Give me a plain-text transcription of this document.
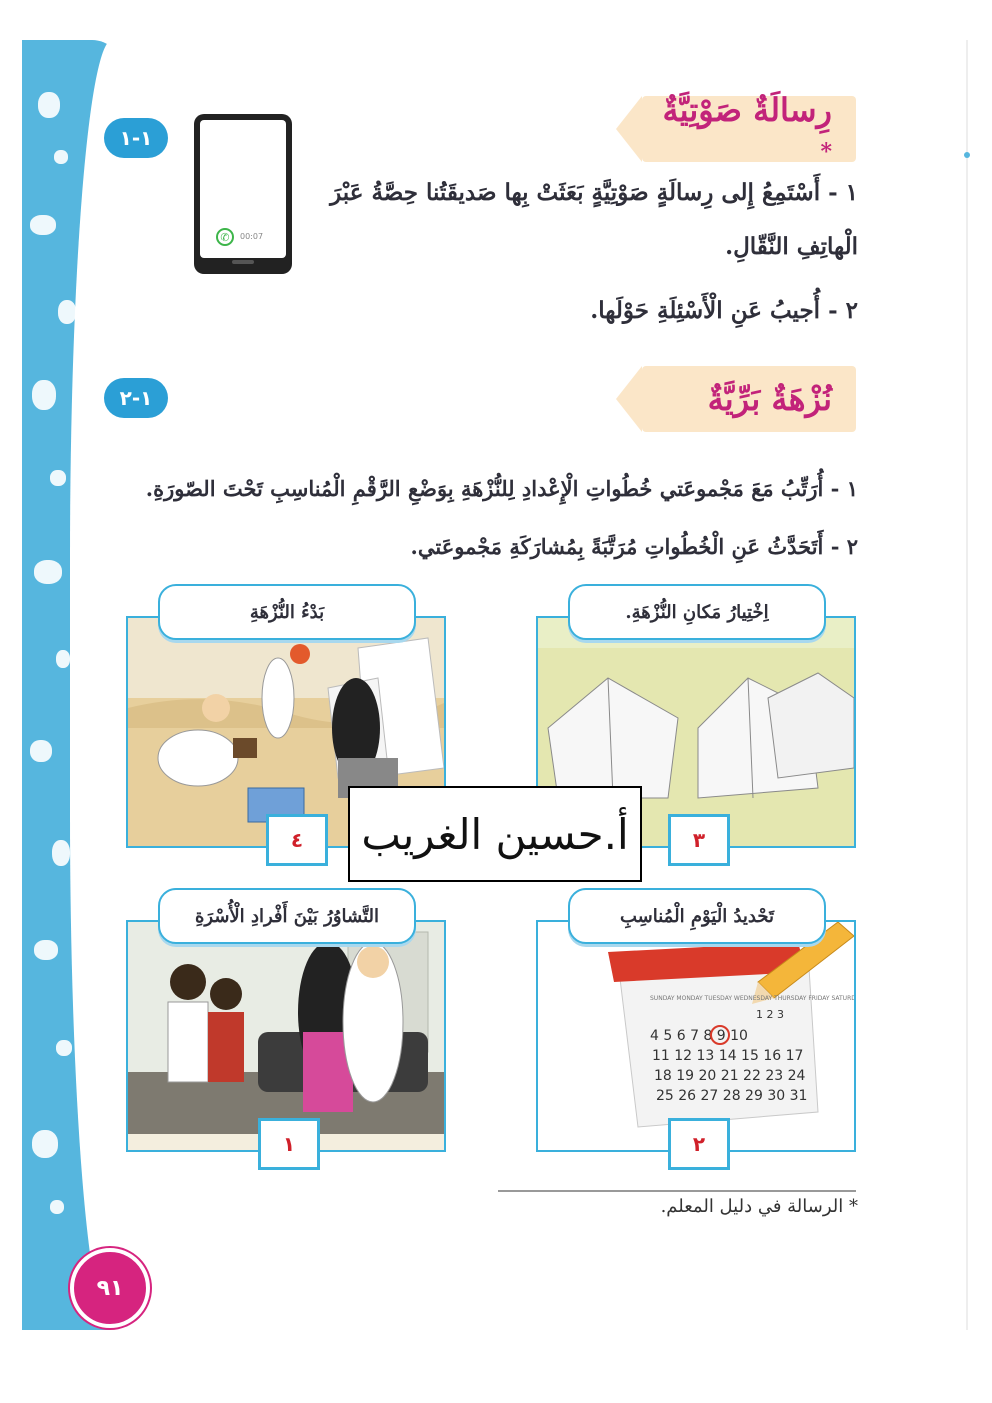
رِسالَةٌ صَوْتِيَّةٌ *
١-١
✆	00:07
١ - أَسْتَمِعُ إِلى رِسالَةٍ صَوْتِيَّةٍ بَعَثَتْ بِها صَديقَتُنا حِصَّةُ عَبْرَ
الْهاتِفِ النَّقّالِ.
٢ - أُجيبُ عَنِ الْأَسْئِلَةِ حَوْلَها.
نُزْهَةٌ بَرِّيَّةٌ
١-٢
١ - أُرَتِّبُ مَعَ مَجْموعَتي خُطُواتِ الْإِعْدادِ لِلنُّزْهَةِ بِوَضْعِ الرَّقْمِ الْمُناسِبِ تَحْتَ الصّورَةِ.
٢ - أَتَحَدَّثُ عَنِ الْخُطُواتِ مُرَتَّبَةً بِمُشارَكَةِ مَجْموعَتي.
بَدْءُ النُّزْهَةِ
٤
اِخْتِيارُ مَكانِ النُّزْهَةِ.
٣
التَّشاوُرُ بَيْنَ أَفْرادِ الْأُسْرَةِ
١
SUNDAY MONDAY TUESDAY WEDNESDAY THURSDAY FRIDAY SATURDAY
1 2 3
4 5 6 7 8 9 10
11 12 13 14 15 16 17
18 19 20 21 22 23 24
25 26 27 28 29 30 31
تَحْديدُ الْيَوْمِ الْمُناسِبِ
٢
أ.حسين الغريب
* الرسالة في دليل المعلم.
٩١
